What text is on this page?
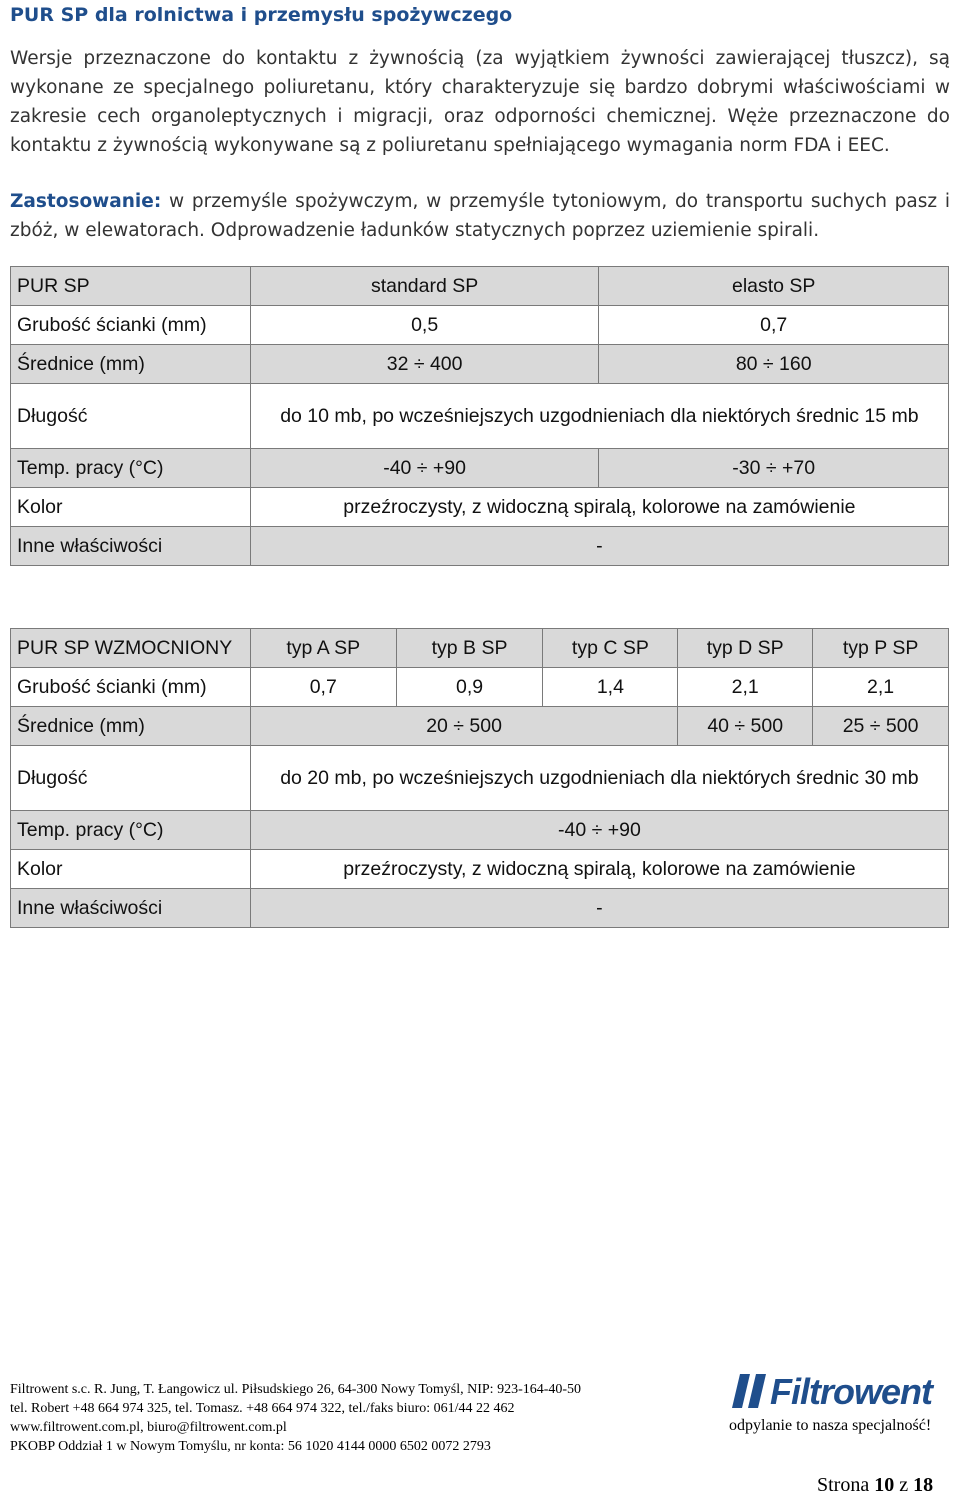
PUR SP dla rolnictwa i przemysłu spożywczego
Wersje przeznaczone do kontaktu z żywnością (za wyjątkiem żywności zawierającej tłuszcz), są wykonane ze specjalnego poliuretanu, który charakteryzuje się bardzo dobrymi właściwościami w zakresie cech organoleptycznych i migracji, oraz odporności chemicznej. Węże przeznaczone do kontaktu z żywnością wykonywane są z poliuretanu spełniającego wymagania norm FDA i EEC.
Zastosowanie: w przemyśle spożywczym, w przemyśle tytoniowym, do transportu suchych pasz i zbóż, w elewatorach. Odprowadzenie ładunków statycznych poprzez uziemienie spirali.
PUR SP	standard SP	elasto SP
Grubość ścianki (mm)	0,5	0,7
Średnice (mm)	32 ÷ 400	80 ÷ 160
Długość	do 10 mb, po wcześniejszych uzgodnieniach dla niektórych średnic 15 mb	
Temp. pracy (°C)	-40 ÷ +90	-30 ÷ +70
Kolor	przeźroczysty, z widoczną spiralą, kolorowe na zamówienie	
Inne właściwości	-	
PUR SP WZMOCNIONY	typ A SP	typ B SP	typ C SP	typ D SP	typ P SP
Grubość ścianki (mm)	0,7	0,9	1,4	2,1	2,1
Średnice (mm)	20 ÷ 500			40 ÷ 500	25 ÷ 500
Długość	do 20 mb, po wcześniejszych uzgodnieniach dla niektórych średnic 30 mb				
Temp. pracy (°C)	-40 ÷ +90				
Kolor	przeźroczysty, z widoczną spiralą, kolorowe na zamówienie				
Inne właściwości	-				
Filtrowent s.c. R. Jung, T. Łangowicz ul. Piłsudskiego 26, 64-300 Nowy Tomyśl, NIP: 923-164-40-50
tel. Robert +48 664 974 325, tel. Tomasz. +48 664 974 322, tel./faks biuro: 061/44 22 462
www.filtrowent.com.pl, biuro@filtrowent.com.pl
PKOBP Oddział 1 w Nowym Tomyślu, nr konta: 56 1020 4144 0000 6502 0072 2793
Filtrowent
odpylanie to nasza specjalność!
Strona 10 z 18
